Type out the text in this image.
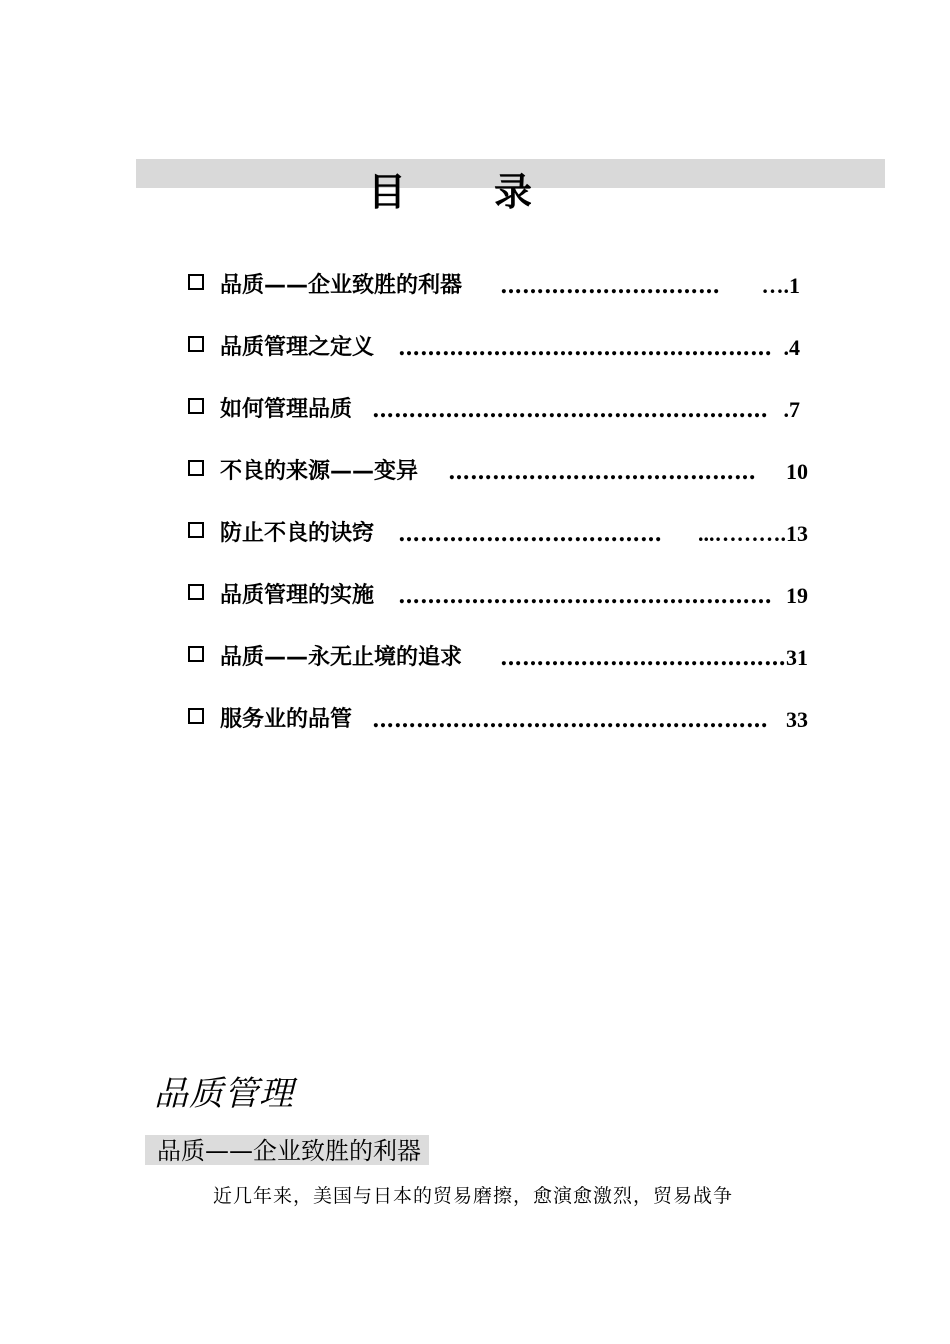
目录
品质——企业致胜的利器 ………………………… ….1
品质管理之定义 …………………………………………… .4
如何管理品质 ……………………………………………… .7
不良的来源——变异 …………………………………… 10
防止不良的诀窍 ……………………………… ...……….13
品质管理的实施 …………………………………………… 19
品质——永无止境的追求 ………………………………… 31
服务业的品管 ……………………………………………… 33
品质管理
品质——企业致胜的利器
近几年来，美国与日本的贸易磨擦，愈演愈激烈，贸易战争
